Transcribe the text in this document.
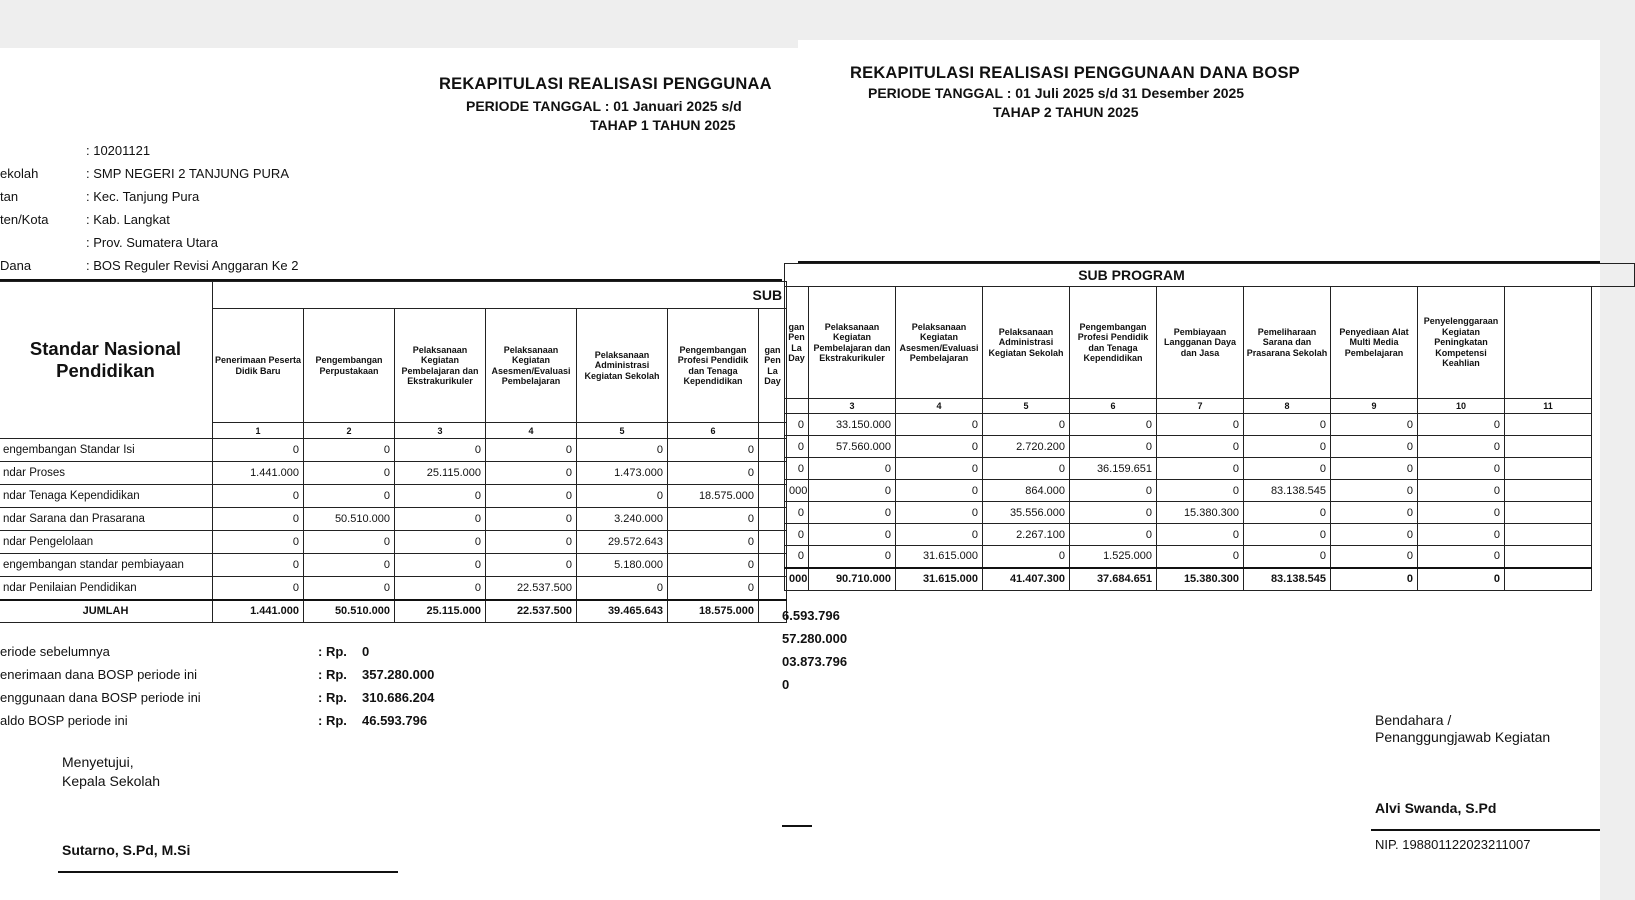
REKAPITULASI REALISASI PENGGUNAA
PERIODE TANGGAL : 01 Januari 2025 s/d
TAHAP 1 TAHUN 2025
: 10201121
ekolah	: SMP NEGERI 2 TANJUNG PURA
tan	: Kec. Tanjung Pura
ten/Kota	: Kab. Langkat
: Prov. Sumatera Utara
Dana	: BOS Reguler Revisi Anggaran Ke 2
Standar Nasional Pendidikan	SUB						
	Penerimaan Peserta Didik Baru	Pengembangan Perpustakaan	Pelaksanaan Kegiatan Pembelajaran dan Ekstrakurikuler	Pelaksanaan Kegiatan Asesmen/Evaluasi Pembelajaran	Pelaksanaan Administrasi Kegiatan Sekolah	Pengembangan Profesi Pendidik dan Tenaga Kependidikan	gan Pen La Day
	1	2	3	4	5	6	
engembangan Standar Isi	0	0	0	0	0	0	
ndar Proses	1.441.000	0	25.115.000	0	1.473.000	0	
ndar Tenaga Kependidikan	0	0	0	0	0	18.575.000	
ndar Sarana dan Prasarana	0	50.510.000	0	0	3.240.000	0	
ndar Pengelolaan	0	0	0	0	29.572.643	0	
engembangan standar pembiayaan	0	0	0	0	5.180.000	0	
ndar Penilaian Pendidikan	0	0	0	22.537.500	0	0	
JUMLAH	1.441.000	50.510.000	25.115.000	22.537.500	39.465.643	18.575.000	
eriode sebelumnya	: Rp. 0
enerimaan dana BOSP periode ini	: Rp. 357.280.000
enggunaan dana BOSP periode ini	: Rp. 310.686.204
aldo BOSP periode ini	: Rp. 46.593.796
Menyetujui,
Kepala Sekolah
Sutarno, S.Pd, M.Si
REKAPITULASI REALISASI PENGGUNAAN DANA BOSP
PERIODE TANGGAL : 01 Juli 2025 s/d 31 Desember 2025
TAHAP 2 TAHUN 2025
SUB PROGRAM									
gan Pen La Day	Pelaksanaan Kegiatan Pembelajaran dan Ekstrakurikuler	Pelaksanaan Kegiatan Asesmen/Evaluasi Pembelajaran	Pelaksanaan Administrasi Kegiatan Sekolah	Pengembangan Profesi Pendidik dan Tenaga Kependidikan	Pembiayaan Langganan Daya dan Jasa	Pemeliharaan Sarana dan Prasarana Sekolah	Penyediaan Alat Multi Media Pembelajaran	Penyelenggaraan Kegiatan Peningkatan Kompetensi Keahlian	
	3	4	5	6	7	8	9	10	11
0	33.150.000	0	0	0	0	0	0	0	
0	57.560.000	0	2.720.200	0	0	0	0	0	
0	0	0	0	36.159.651	0	0	0	0	
000	0	0	864.000	0	0	83.138.545	0	0	
0	0	0	35.556.000	0	15.380.300	0	0	0	
0	0	0	2.267.100	0	0	0	0	0	
0	0	31.615.000	0	1.525.000	0	0	0	0	
000	90.710.000	31.615.000	41.407.300	37.684.651	15.380.300	83.138.545	0	0	
6.593.796
57.280.000
03.873.796
0
Bendahara /
Penanggungjawab Kegiatan
Alvi Swanda, S.Pd
NIP. 198801122023211007
